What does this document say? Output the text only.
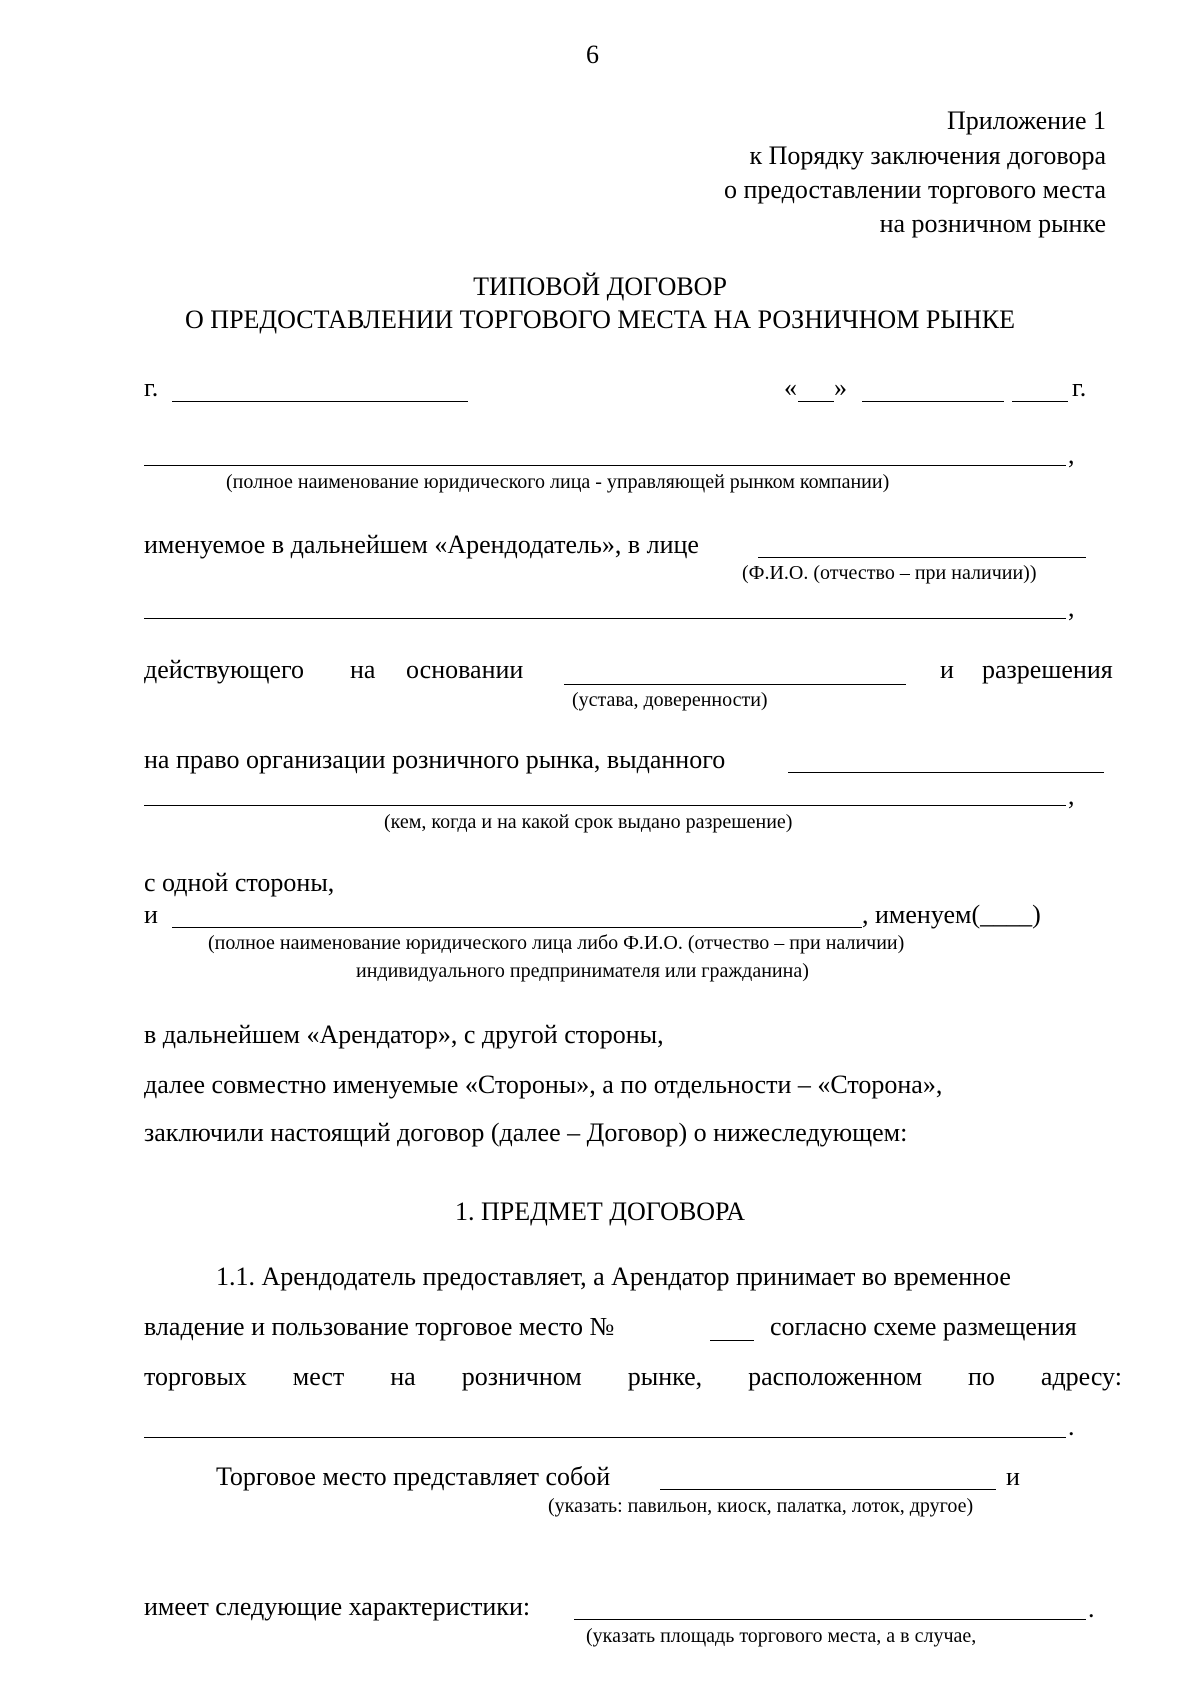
6
Приложение 1
к Порядку заключения договора
о предоставлении торгового места
на розничном рынке
ТИПОВОЙ ДОГОВОР
О ПРЕДОСТАВЛЕНИИ ТОРГОВОГО МЕСТА НА РОЗНИЧНОМ РЫНКЕ
г.	« »	г.
,
(полное наименование юридического лица - управляющей рынком компании)
именуемое в дальнейшем «Арендодатель», в лице
(Ф.И.О. (отчество – при наличии))
,
действующего на основании	и разрешения
(устава, доверенности)
на право организации розничного рынка, выданного
,
(кем, когда и на какой срок выдано разрешение)
с одной стороны,
и	, именуем(____)
(полное наименование юридического лица либо Ф.И.О. (отчество – при наличии)
индивидуального предпринимателя или гражданина)
в дальнейшем «Арендатор», с другой стороны,
далее совместно именуемые «Стороны», а по отдельности – «Сторона»,
заключили настоящий договор (далее – Договор) о нижеследующем:
1. ПРЕДМЕТ ДОГОВОРА
1.1. Арендодатель предоставляет, а Арендатор принимает во временное
владение и пользование торговое место №	согласно схеме размещения
торговых мест на розничном рынке, расположенном по адресу:
.
Торговое место представляет собой	и
(указать: павильон, киоск, палатка, лоток, другое)
имеет следующие характеристики:	.
(указать площадь торгового места, а в случае,
